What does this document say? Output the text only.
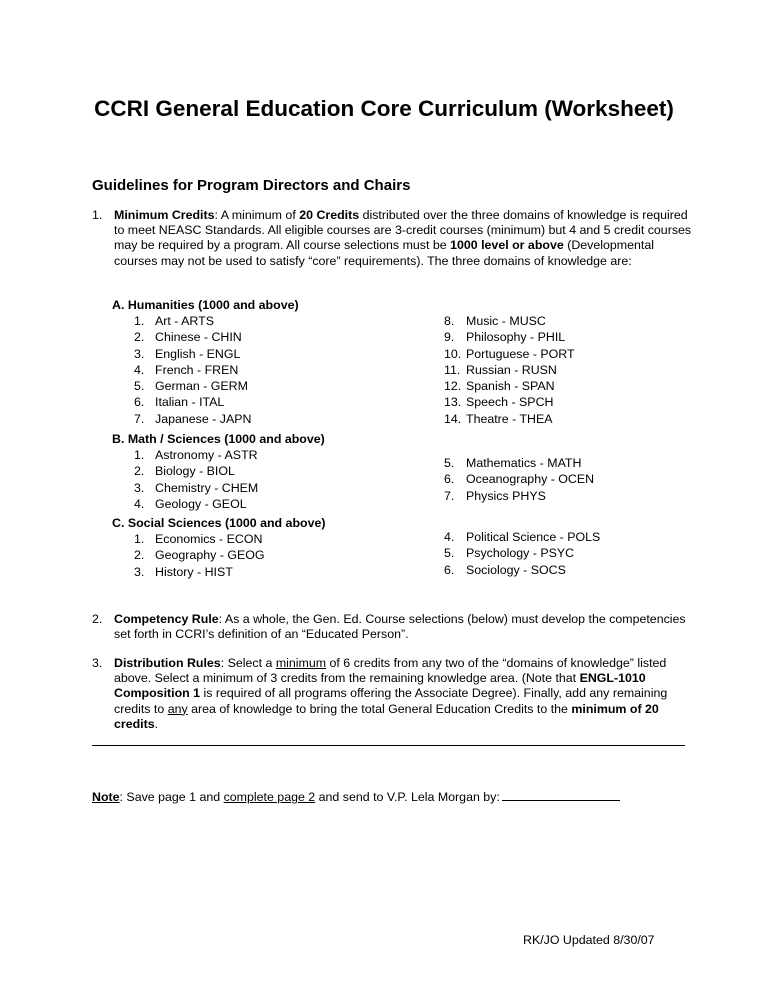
CCRI General Education Core Curriculum (Worksheet)
Guidelines for Program Directors and Chairs
1. Minimum Credits: A minimum of 20 Credits distributed over the three domains of knowledge is required to meet NEASC Standards. All eligible courses are 3-credit courses (minimum) but 4 and 5 credit courses may be required by a program. All course selections must be 1000 level or above (Developmental courses may not be used to satisfy “core” requirements). The three domains of knowledge are:

A. Humanities (1000 and above)
1. Art - ARTS
2. Chinese - CHIN
3. English - ENGL
4. French - FREN
5. German - GERM
6. Italian - ITAL
7. Japanese - JAPN
8. Music - MUSC
9. Philosophy - PHIL
10. Portuguese - PORT
11. Russian - RUSN
12. Spanish - SPAN
13. Speech - SPCH
14. Theatre - THEA
B. Math / Sciences (1000 and above)
1. Astronomy - ASTR
2. Biology - BIOL
3. Chemistry - CHEM
4. Geology - GEOL
5. Mathematics - MATH
6. Oceanography - OCEN
7. Physics PHYS
C. Social Sciences (1000 and above)
1. Economics - ECON
2. Geography - GEOG
3. History - HIST
4. Political Science - POLS
5. Psychology - PSYC
6. Sociology - SOCS
2. Competency Rule: As a whole, the Gen. Ed. Course selections (below) must develop the competencies set forth in CCRI’s definition of an “Educated Person”.

3. Distribution Rules: Select a minimum of 6 credits from any two of the “domains of knowledge” listed above. Select a minimum of 3 credits from the remaining knowledge area. (Note that ENGL-1010 Composition 1 is required of all programs offering the Associate Degree). Finally, add any remaining credits to any area of knowledge to bring the total General Education Credits to the minimum of 20 credits.

Note: Save page 1 and complete page 2 and send to V.P. Lela Morgan by:
RK/JO Updated 8/30/07
